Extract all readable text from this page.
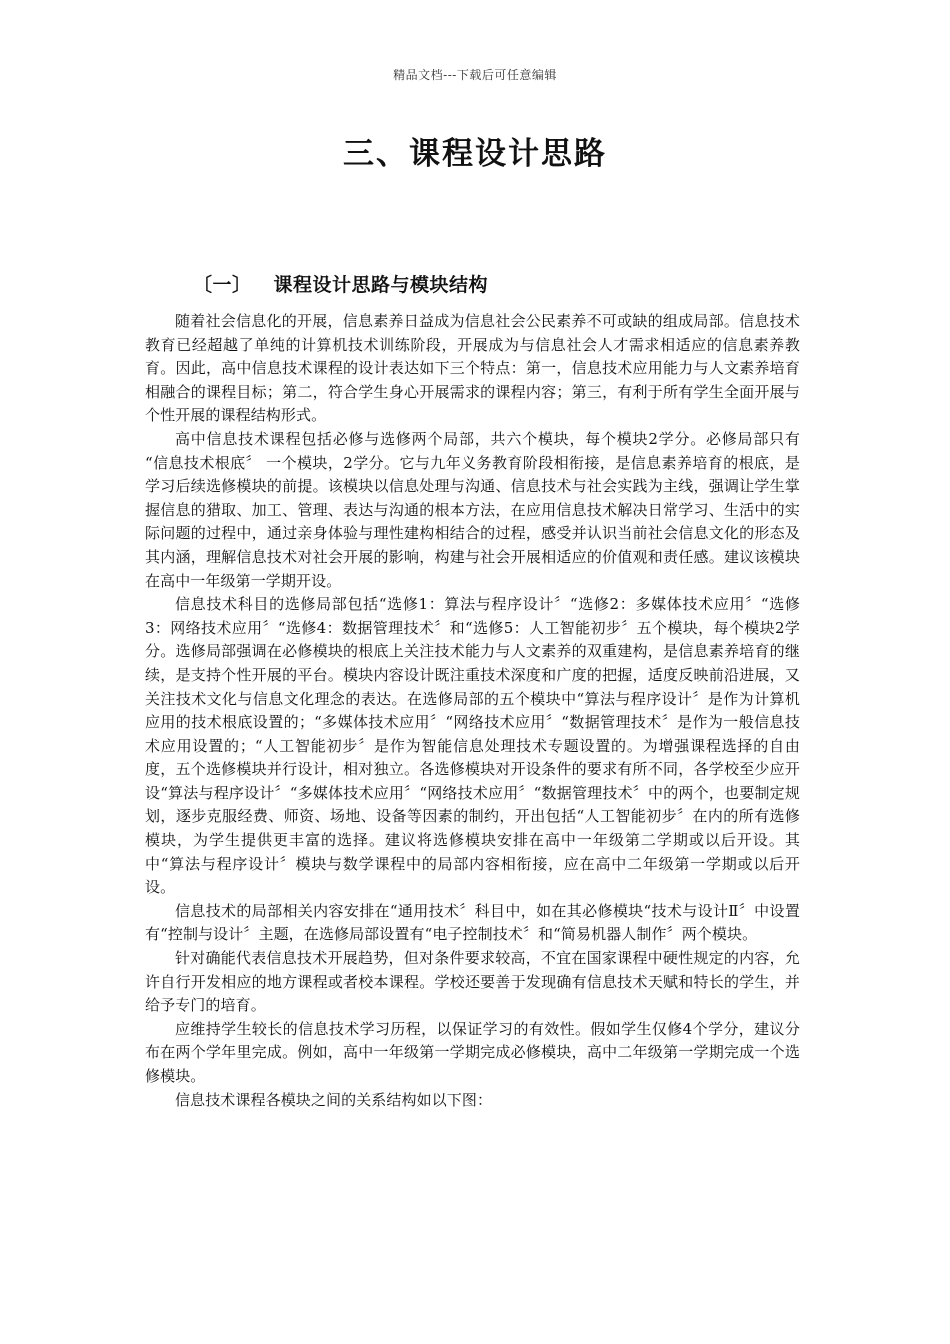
精品文档---下载后可任意编辑
三、课程设计思路
〔一〕 课程设计思路与模块结构

随着社会信息化的开展，信息素养日益成为信息社会公民素养不可或缺的组成局部。信息技术教育已经超越了单纯的计算机技术训练阶段，开展成为与信息社会人才需求相适应的信息素养教育。因此，高中信息技术课程的设计表达如下三个特点：第一，信息技术应用能力与人文素养培育相融合的课程目标；第二，符合学生身心开展需求的课程内容；第三，有利于所有学生全面开展与个性开展的课程结构形式。

高中信息技术课程包括必修与选修两个局部，共六个模块，每个模块2学分。必修局部只有 “信息技术根底〞 一个模块，2学分。它与九年义务教育阶段相衔接，是信息素养培育的根底，是学习后续选修模块的前提。该模块以信息处理与沟通、信息技术与社会实践为主线，强调让学生掌握信息的猎取、加工、管理、表达与沟通的根本方法，在应用信息技术解决日常学习、生活中的实际问题的过程中，通过亲身体验与理性建构相结合的过程，感受并认识当前社会信息文化的形态及其内涵，理解信息技术对社会开展的影响，构建与社会开展相适应的价值观和责任感。建议该模块在高中一年级第一学期开设。

信息技术科目的选修局部包括“选修1：算法与程序设计〞“选修2：多媒体技术应用〞“选修3：网络技术应用〞“选修4：数据管理技术〞和“选修5：人工智能初步〞五个模块，每个模块2学分。选修局部强调在必修模块的根底上关注技术能力与人文素养的双重建构，是信息素养培育的继续，是支持个性开展的平台。模块内容设计既注重技术深度和广度的把握，适度反映前沿进展，又关注技术文化与信息文化理念的表达。在选修局部的五个模块中“算法与程序设计〞是作为计算机应用的技术根底设置的；“多媒体技术应用〞“网络技术应用〞“数据管理技术〞是作为一般信息技术应用设置的；“人工智能初步〞是作为智能信息处理技术专题设置的。为增强课程选择的自由度，五个选修模块并行设计，相对独立。各选修模块对开设条件的要求有所不同，各学校至少应开设“算法与程序设计〞“多媒体技术应用〞“网络技术应用〞“数据管理技术〞中的两个，也要制定规划，逐步克服经费、师资、场地、设备等因素的制约，开出包括“人工智能初步〞在内的所有选修模块，为学生提供更丰富的选择。建议将选修模块安排在高中一年级第二学期或以后开设。其中“算法与程序设计〞模块与数学课程中的局部内容相衔接，应在高中二年级第一学期或以后开设。

信息技术的局部相关内容安排在“通用技术〞科目中，如在其必修模块“技术与设计Ⅱ〞中设置有“控制与设计〞主题，在选修局部设置有“电子控制技术〞和“简易机器人制作〞两个模块。

针对确能代表信息技术开展趋势，但对条件要求较高，不宜在国家课程中硬性规定的内容，允许自行开发相应的地方课程或者校本课程。学校还要善于发现确有信息技术天赋和特长的学生，并给予专门的培育。

应维持学生较长的信息技术学习历程，以保证学习的有效性。假如学生仅修4个学分，建议分布在两个学年里完成。例如，高中一年级第一学期完成必修模块，高中二年级第一学期完成一个选修模块。

信息技术课程各模块之间的关系结构如以下图：
